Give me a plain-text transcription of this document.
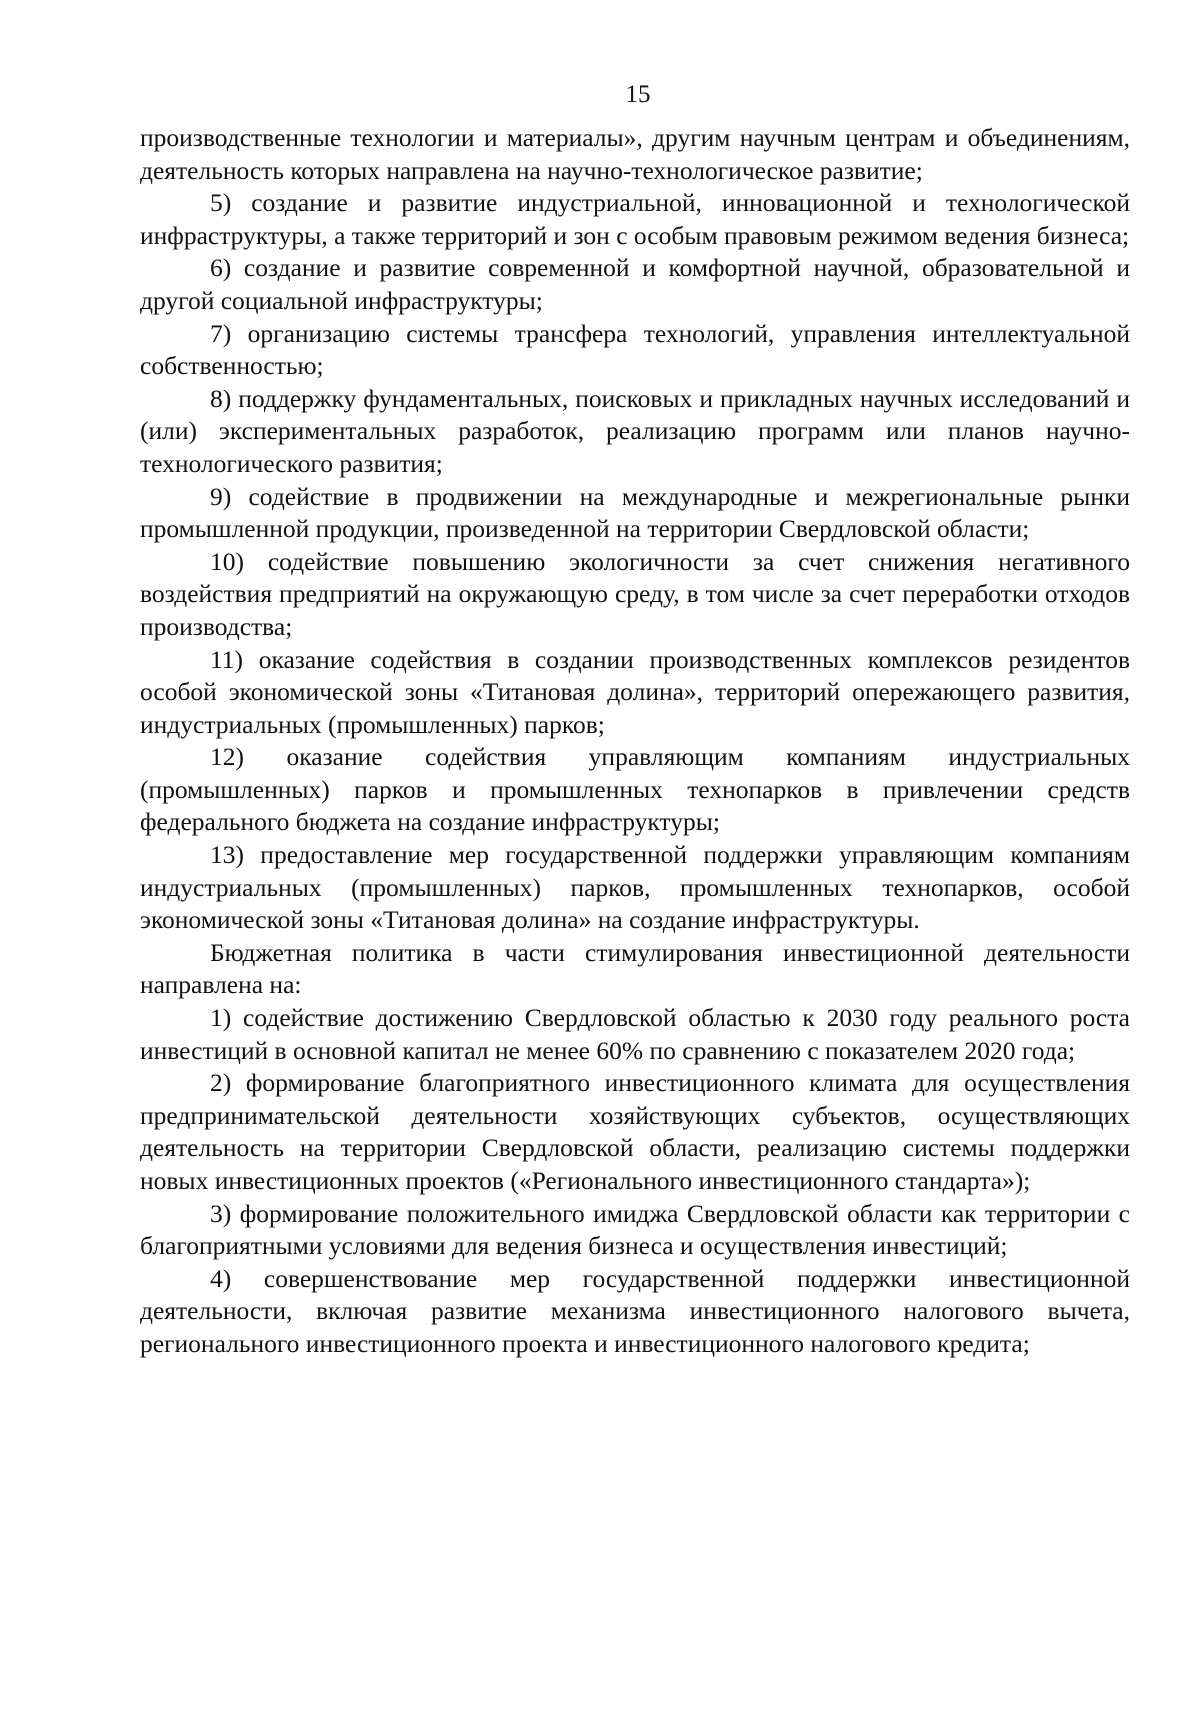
15

производственные технологии и материалы», другим научным центрам и объединениям, деятельность которых направлена на научно-технологическое развитие;

5) создание и развитие индустриальной, инновационной и технологической инфраструктуры, а также территорий и зон с особым правовым режимом ведения бизнеса;

6) создание и развитие современной и комфортной научной, образовательной и другой социальной инфраструктуры;

7) организацию системы трансфера технологий, управления интеллектуальной собственностью;

8) поддержку фундаментальных, поисковых и прикладных научных исследований и (или) экспериментальных разработок, реализацию программ или планов научно-технологического развития;

9) содействие в продвижении на международные и межрегиональные рынки промышленной продукции, произведенной на территории Свердловской области;

10) содействие повышению экологичности за счет снижения негативного воздействия предприятий на окружающую среду, в том числе за счет переработки отходов производства;

11) оказание содействия в создании производственных комплексов резидентов особой экономической зоны «Титановая долина», территорий опережающего развития, индустриальных (промышленных) парков;

12) оказание содействия управляющим компаниям индустриальных (промышленных) парков и промышленных технопарков в привлечении средств федерального бюджета на создание инфраструктуры;

13) предоставление мер государственной поддержки управляющим компаниям индустриальных (промышленных) парков, промышленных технопарков, особой экономической зоны «Титановая долина» на создание инфраструктуры.

Бюджетная политика в части стимулирования инвестиционной деятельности направлена на:

1) содействие достижению Свердловской областью к 2030 году реального роста инвестиций в основной капитал не менее 60% по сравнению с показателем 2020 года;

2) формирование благоприятного инвестиционного климата для осуществления предпринимательской деятельности хозяйствующих субъектов, осуществляющих деятельность на территории Свердловской области, реализацию системы поддержки новых инвестиционных проектов («Регионального инвестиционного стандарта»);

3) формирование положительного имиджа Свердловской области как территории с благоприятными условиями для ведения бизнеса и осуществления инвестиций;

4) совершенствование мер государственной поддержки инвестиционной деятельности, включая развитие механизма инвестиционного налогового вычета, регионального инвестиционного проекта и инвестиционного налогового кредита;
